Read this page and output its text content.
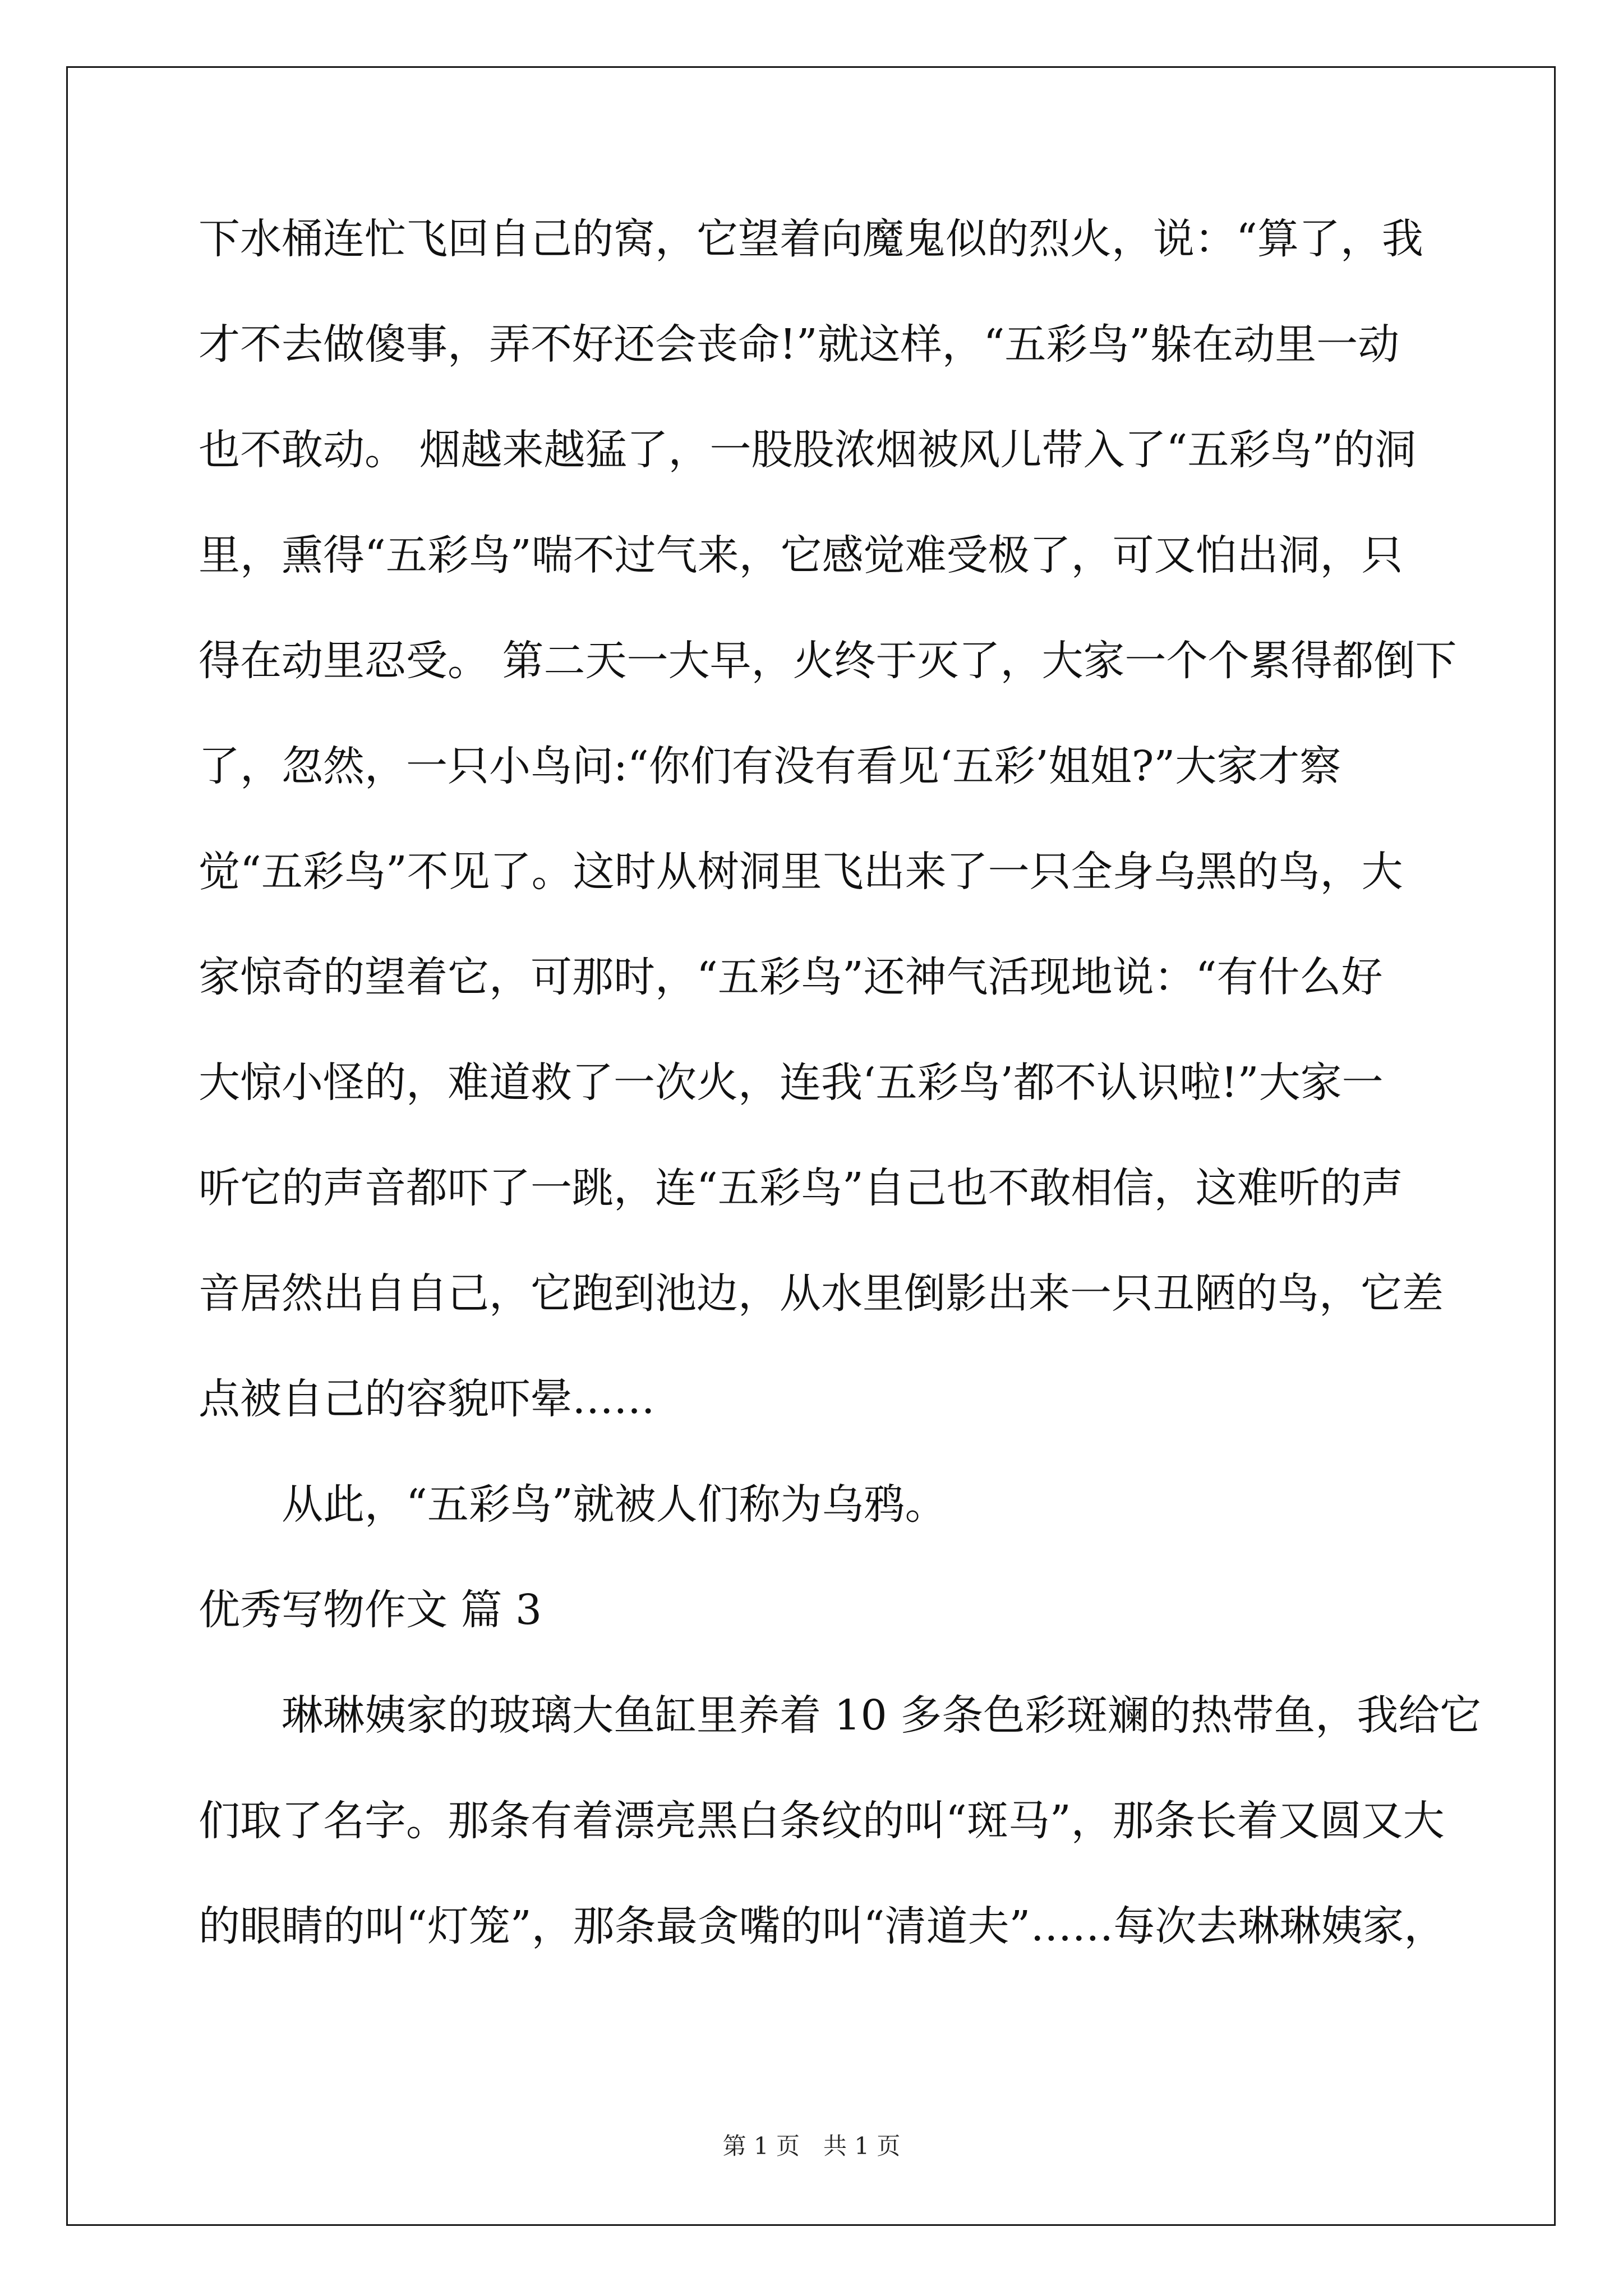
下水桶连忙飞回自己的窝，它望着向魔鬼似的烈火，说：“算了，我
才不去做傻事，弄不好还会丧命!”就这样，“五彩鸟”躲在动里一动
也不敢动。 烟越来越猛了，一股股浓烟被风儿带入了“五彩鸟”的洞
里，熏得“五彩鸟”喘不过气来，它感觉难受极了，可又怕出洞，只
得在动里忍受。 第二天一大早，火终于灭了，大家一个个累得都倒下
了，忽然，一只小鸟问:“你们有没有看见‘五彩’姐姐?”大家才察
觉“五彩鸟”不见了。这时从树洞里飞出来了一只全身乌黑的鸟，大
家惊奇的望着它，可那时，“五彩鸟”还神气活现地说：“有什么好
大惊小怪的，难道救了一次火，连我‘五彩鸟’都不认识啦!”大家一
听它的声音都吓了一跳，连“五彩鸟”自己也不敢相信，这难听的声
音居然出自自己，它跑到池边，从水里倒影出来一只丑陋的鸟，它差
点被自己的容貌吓晕……
从此，“五彩鸟”就被人们称为乌鸦。
优秀写物作文 篇 3
琳琳姨家的玻璃大鱼缸里养着 10 多条色彩斑斓的热带鱼，我给它
们取了名字。那条有着漂亮黑白条纹的叫“斑马”，那条长着又圆又大
的眼睛的叫“灯笼”，那条最贪嘴的叫“清道夫”……每次去琳琳姨家，
第 1 页　共 1 页
